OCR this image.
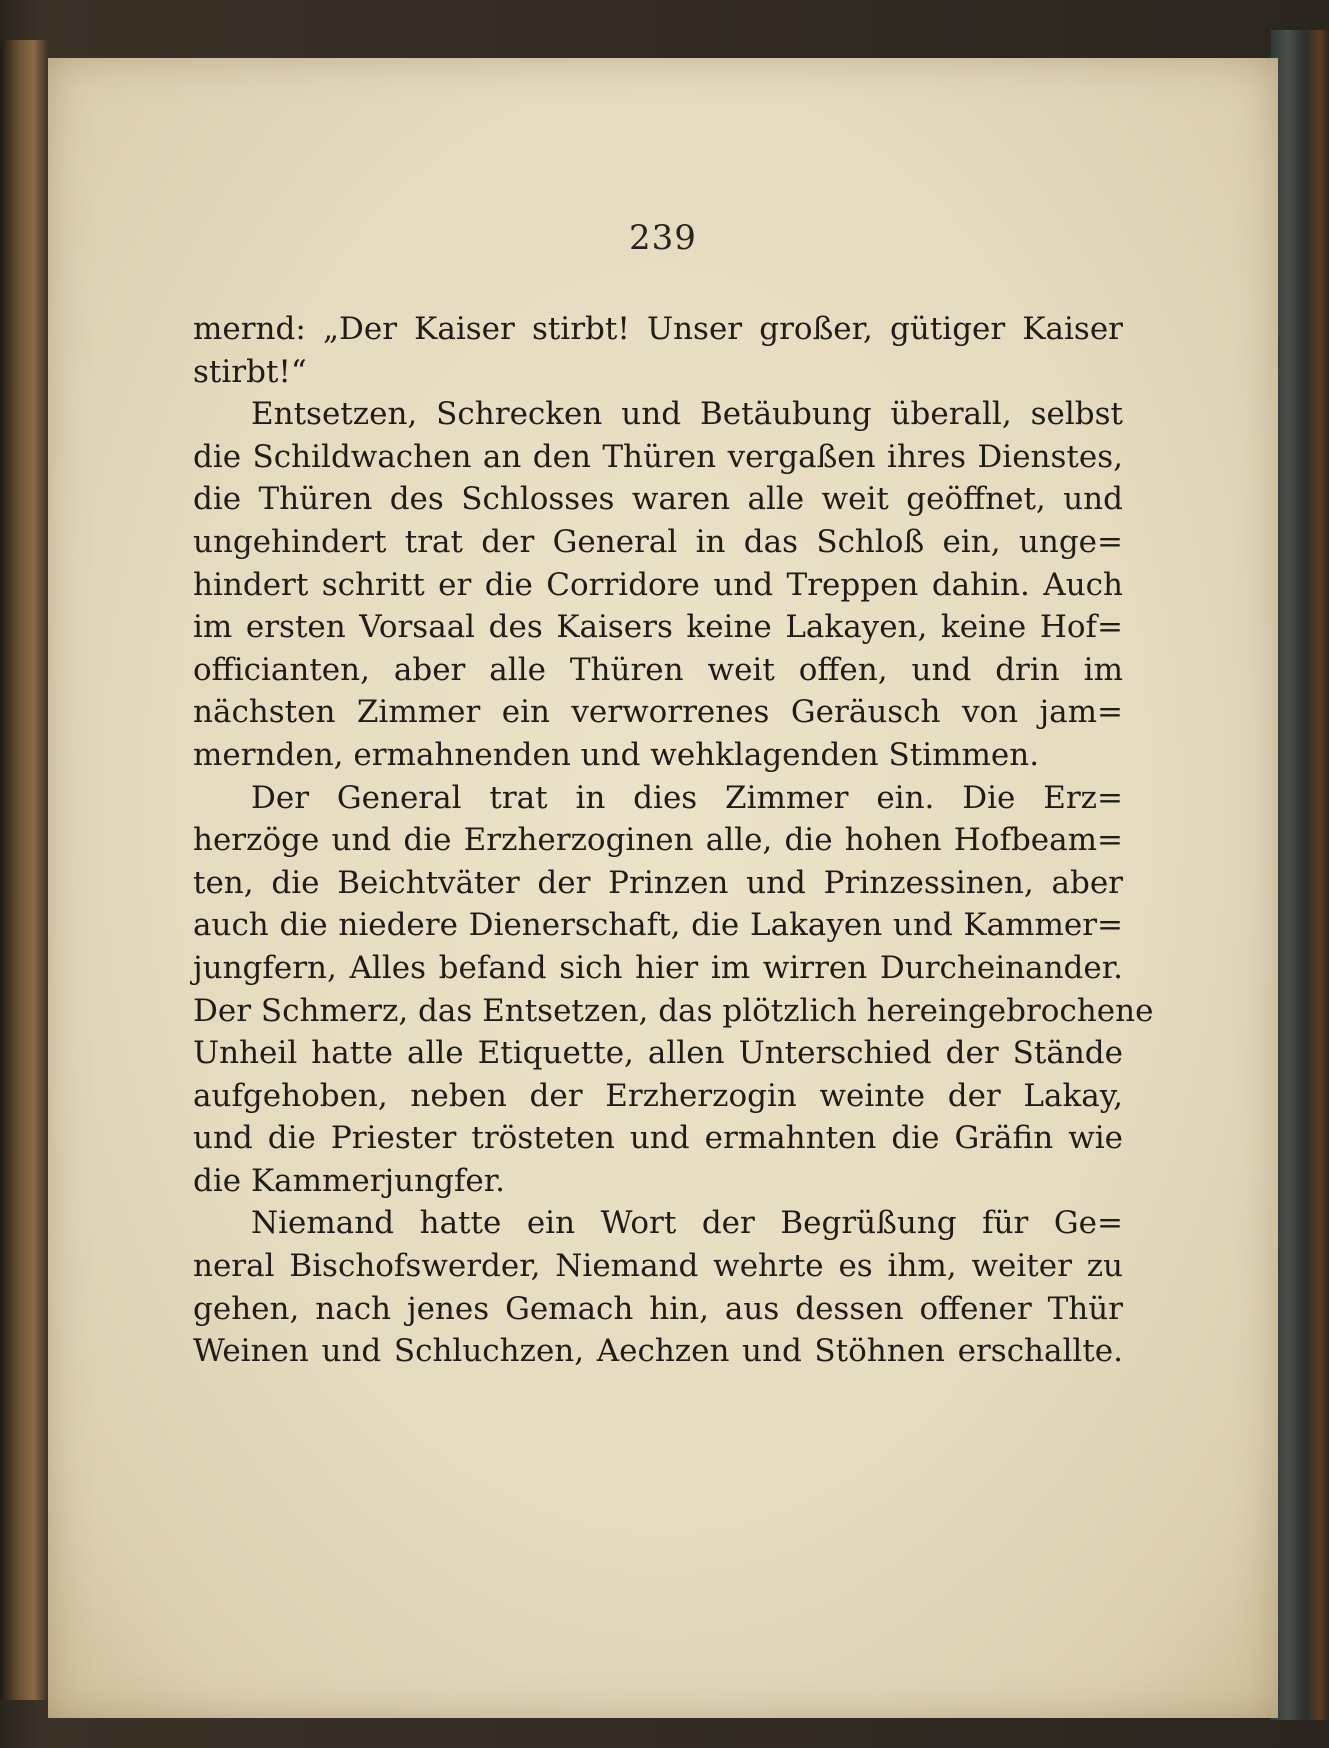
239
mernd: „Der Kaiser stirbt! Unser großer, gütiger Kaiser
stirbt!“
Entsetzen, Schrecken und Betäubung überall, selbst
die Schildwachen an den Thüren vergaßen ihres Dienstes,
die Thüren des Schlosses waren alle weit geöffnet, und
ungehindert trat der General in das Schloß ein, unge=
hindert schritt er die Corridore und Treppen dahin. Auch
im ersten Vorsaal des Kaisers keine Lakayen, keine Hof=
officianten, aber alle Thüren weit offen, und drin im
nächsten Zimmer ein verworrenes Geräusch von jam=
mernden, ermahnenden und wehklagenden Stimmen.
Der General trat in dies Zimmer ein. Die Erz=
herzöge und die Erzherzoginen alle, die hohen Hofbeam=
ten, die Beichtväter der Prinzen und Prinzessinen, aber
auch die niedere Dienerschaft, die Lakayen und Kammer=
jungfern, Alles befand sich hier im wirren Durcheinander.
Der Schmerz, das Entsetzen, das plötzlich hereingebrochene
Unheil hatte alle Etiquette, allen Unterschied der Stände
aufgehoben, neben der Erzherzogin weinte der Lakay,
und die Priester trösteten und ermahnten die Gräfin wie
die Kammerjungfer.
Niemand hatte ein Wort der Begrüßung für Ge=
neral Bischofswerder, Niemand wehrte es ihm, weiter zu
gehen, nach jenes Gemach hin, aus dessen offener Thür
Weinen und Schluchzen, Aechzen und Stöhnen erschallte.
